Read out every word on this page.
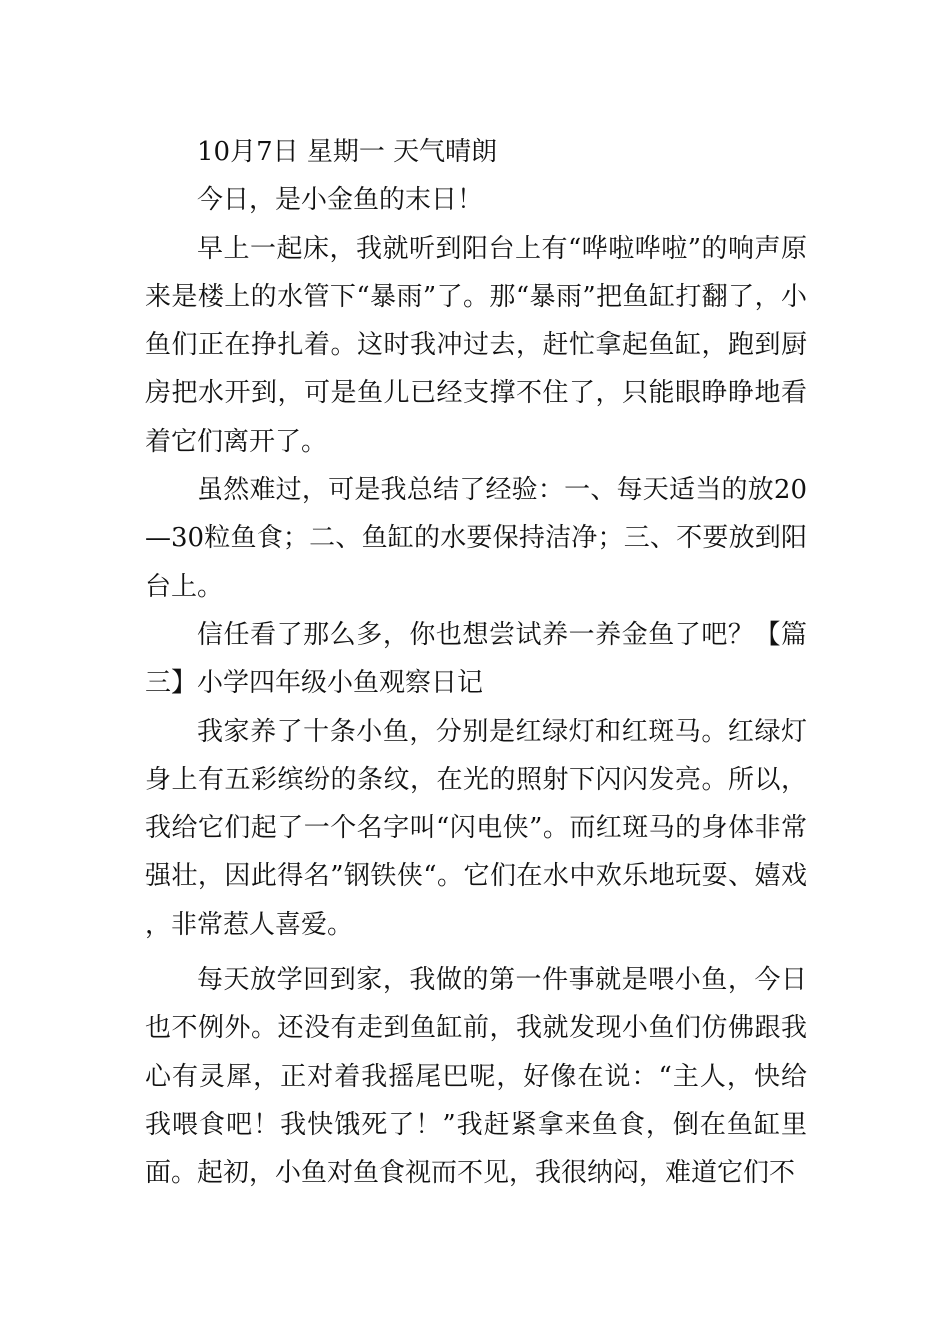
10月7日 星期一 天气晴朗

今日，是小金鱼的末日！

早上一起床，我就听到阳台上有“哗啦哗啦”的响声原来是楼上的水管下“暴雨”了。那“暴雨”把鱼缸打翻了，小鱼们正在挣扎着。这时我冲过去，赶忙拿起鱼缸，跑到厨房把水开到，可是鱼儿已经支撑不住了，只能眼睁睁地看着它们离开了。

虽然难过，可是我总结了经验：一、每天适当的放20—30粒鱼食；二、鱼缸的水要保持洁净；三、不要放到阳台上。

信任看了那么多，你也想尝试养一养金鱼了吧？【篇三】小学四年级小鱼观察日记

我家养了十条小鱼，分别是红绿灯和红斑马。红绿灯身上有五彩缤纷的条纹，在光的照射下闪闪发亮。所以，我给它们起了一个名字叫“闪电侠”。而红斑马的身体非常强壮，因此得名”钢铁侠“。它们在水中欢乐地玩耍、嬉戏，非常惹人喜爱。

每天放学回到家，我做的第一件事就是喂小鱼，今日也不例外。还没有走到鱼缸前，我就发现小鱼们仿佛跟我心有灵犀，正对着我摇尾巴呢，好像在说：“主人，快给我喂食吧！我快饿死了！”我赶紧拿来鱼食，倒在鱼缸里面。起初，小鱼对鱼食视而不见，我很纳闷，难道它们不
